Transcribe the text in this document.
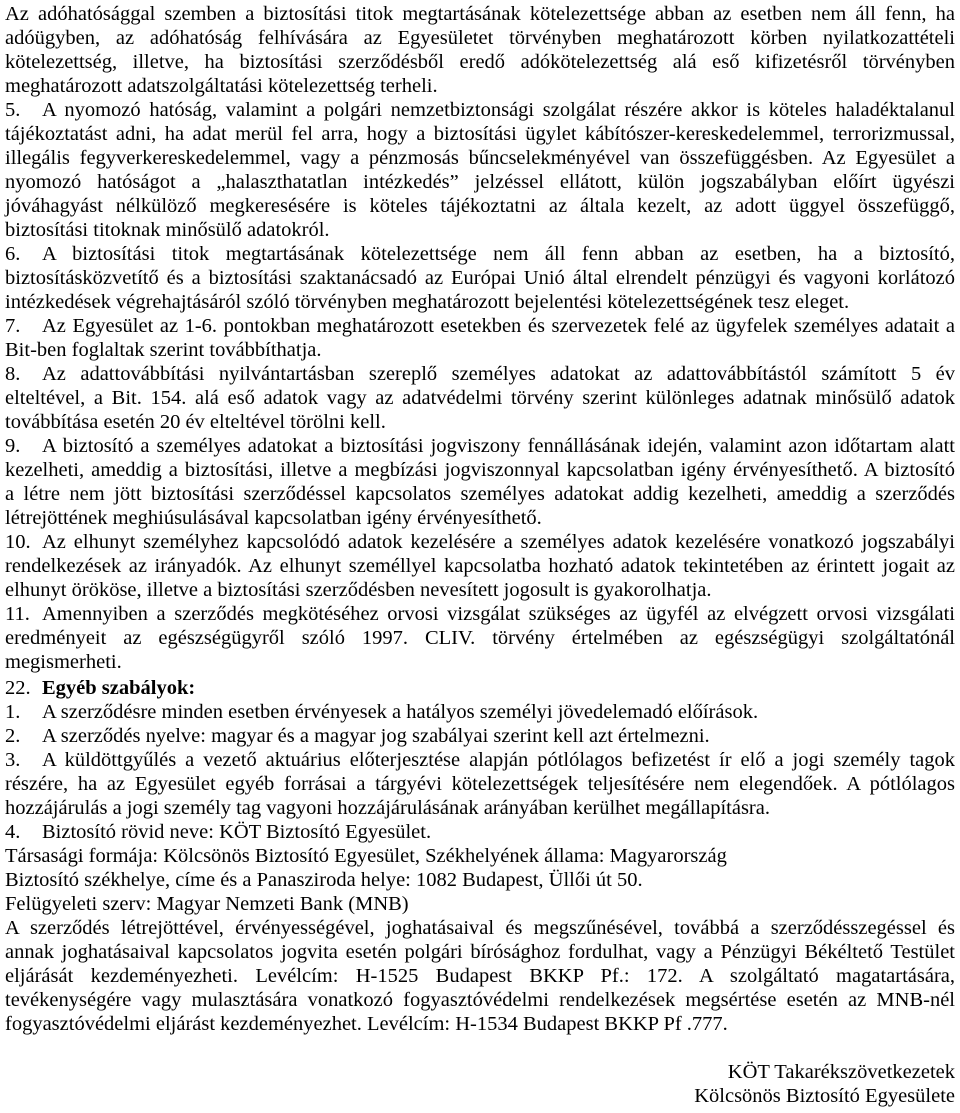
Az adóhatósággal szemben a biztosítási titok megtartásának kötelezettsége abban az esetben nem áll fenn, ha
adóügyben, az adóhatóság felhívására az Egyesületet törvényben meghatározott körben nyilatkozattételi
kötelezettség, illetve, ha biztosítási szerződésből eredő adókötelezettség alá eső kifizetésről törvényben
meghatározott adatszolgáltatási kötelezettség terheli.
5. A nyomozó hatóság, valamint a polgári nemzetbiztonsági szolgálat részére akkor is köteles haladéktalanul
tájékoztatást adni, ha adat merül fel arra, hogy a biztosítási ügylet kábítószer-kereskedelemmel, terrorizmussal,
illegális fegyverkereskedelemmel, vagy a pénzmosás bűncselekményével van összefüggésben. Az Egyesület a
nyomozó hatóságot a „halaszthatatlan intézkedés” jelzéssel ellátott, külön jogszabályban előírt ügyészi
jóváhagyást nélkülöző megkeresésére is köteles tájékoztatni az általa kezelt, az adott üggyel összefüggő,
biztosítási titoknak minősülő adatokról.
6. A biztosítási titok megtartásának kötelezettsége nem áll fenn abban az esetben, ha a biztosító,
biztosításközvetítő és a biztosítási szaktanácsadó az Európai Unió által elrendelt pénzügyi és vagyoni korlátozó
intézkedések végrehajtásáról szóló törvényben meghatározott bejelentési kötelezettségének tesz eleget.
7. Az Egyesület az 1-6. pontokban meghatározott esetekben és szervezetek felé az ügyfelek személyes adatait a
Bit-ben foglaltak szerint továbbíthatja.
8. Az adattovábbítási nyilvántartásban szereplő személyes adatokat az adattovábbítástól számított 5 év
elteltével, a Bit. 154. alá eső adatok vagy az adatvédelmi törvény szerint különleges adatnak minősülő adatok
továbbítása esetén 20 év elteltével törölni kell.
9. A biztosító a személyes adatokat a biztosítási jogviszony fennállásának idején, valamint azon időtartam alatt
kezelheti, ameddig a biztosítási, illetve a megbízási jogviszonnyal kapcsolatban igény érvényesíthető. A biztosító
a létre nem jött biztosítási szerződéssel kapcsolatos személyes adatokat addig kezelheti, ameddig a szerződés
létrejöttének meghiúsulásával kapcsolatban igény érvényesíthető.
10. Az elhunyt személyhez kapcsolódó adatok kezelésére a személyes adatok kezelésére vonatkozó jogszabályi
rendelkezések az irányadók. Az elhunyt személlyel kapcsolatba hozható adatok tekintetében az érintett jogait az
elhunyt örököse, illetve a biztosítási szerződésben nevesített jogosult is gyakorolhatja.
11. Amennyiben a szerződés megkötéséhez orvosi vizsgálat szükséges az ügyfél az elvégzett orvosi vizsgálati
eredményeit az egészségügyről szóló 1997. CLIV. törvény értelmében az egészségügyi szolgáltatónál
megismerheti.
22. Egyéb szabályok:
1. A szerződésre minden esetben érvényesek a hatályos személyi jövedelemadó előírások.
2. A szerződés nyelve: magyar és a magyar jog szabályai szerint kell azt értelmezni.
3. A küldöttgyűlés a vezető aktuárius előterjesztése alapján pótlólagos befizetést ír elő a jogi személy tagok
részére, ha az Egyesület egyéb forrásai a tárgyévi kötelezettségek teljesítésére nem elegendőek. A pótlólagos
hozzájárulás a jogi személy tag vagyoni hozzájárulásának arányában kerülhet megállapításra.
4. Biztosító rövid neve: KÖT Biztosító Egyesület.
Társasági formája: Kölcsönös Biztosító Egyesület, Székhelyének állama: Magyarország
Biztosító székhelye, címe és a Panasziroda helye: 1082 Budapest, Üllői út 50.
Felügyeleti szerv: Magyar Nemzeti Bank (MNB)
A szerződés létrejöttével, érvényességével, joghatásaival és megszűnésével, továbbá a szerződésszegéssel és
annak joghatásaival kapcsolatos jogvita esetén polgári bírósághoz fordulhat, vagy a Pénzügyi Békéltető Testület
eljárását kezdeményezheti. Levélcím: H-1525 Budapest BKKP Pf.: 172. A szolgáltató magatartására,
tevékenységére vagy mulasztására vonatkozó fogyasztóvédelmi rendelkezések megsértése esetén az MNB-nél
fogyasztóvédelmi eljárást kezdeményezhet. Levélcím: H-1534 Budapest BKKP Pf .777.
KÖT Takarékszövetkezetek
Kölcsönös Biztosító Egyesülete
